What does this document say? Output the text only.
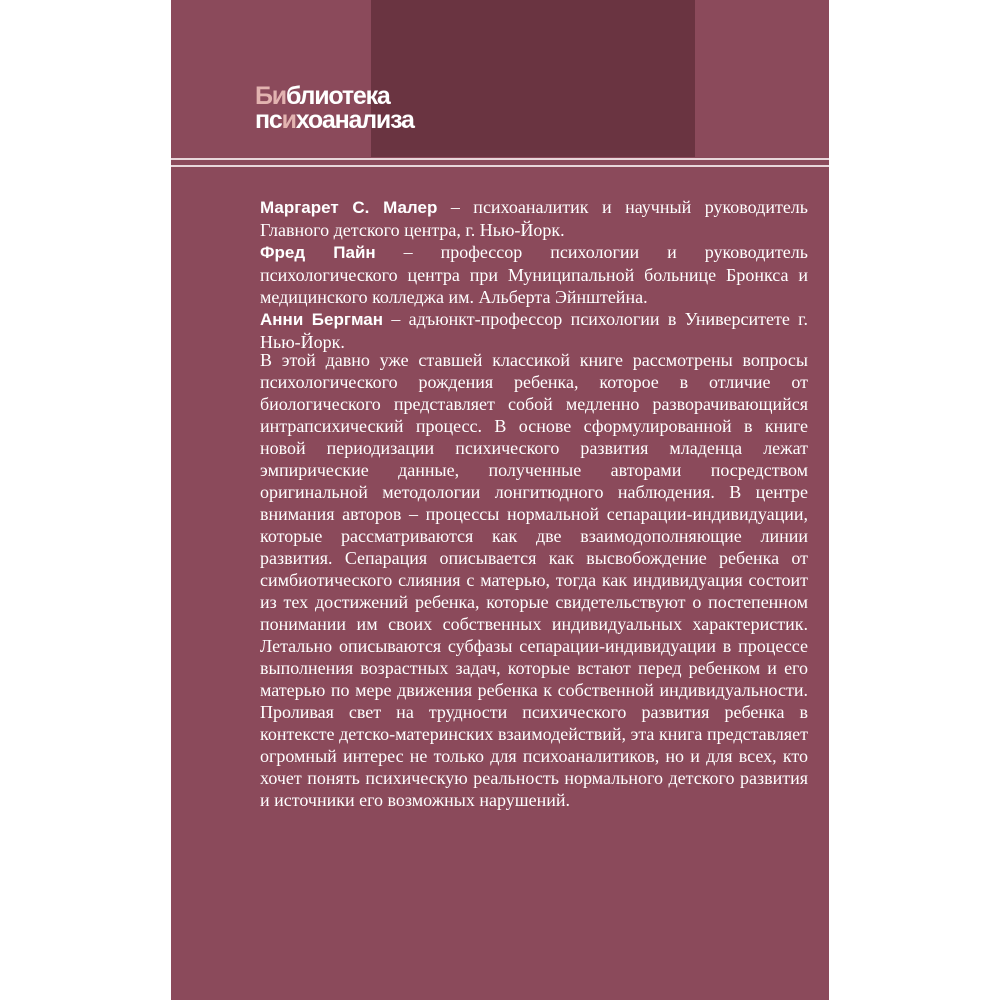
Библиотека
психоанализа

Маргарет С. Малер – психоаналитик и научный руководитель Главного детского центра, г. Нью-Йорк.

Фред Пайн – профессор психологии и руководитель психологического центра при Муниципальной больнице Бронкса и медицинского колледжа им. Альберта Эйнштейна.

Анни Бергман – адъюнкт-профессор психологии в Университете г. Нью-Йорк.

В этой давно уже ставшей классикой книге рассмотрены вопросы психологического рождения ребенка, которое в отличие от биологического представляет собой медленно разворачивающийся интрапсихический процесс. В основе сформулированной в книге новой периодизации психического развития младенца лежат эмпирические данные, полученные авторами посредством оригинальной методологии лонгитюдного наблюдения. В центре внимания авторов – процессы нормальной сепарации-индивидуации, которые рассматриваются как две взаимодополняющие линии развития. Сепарация описывается как высвобождение ребенка от симбиотического слияния с матерью, тогда как индивидуация состоит из тех достижений ребенка, которые свидетельствуют о постепенном понимании им своих собственных индивидуальных характеристик. Летально описываются субфазы сепарации-индивидуации в процессе выполнения возрастных задач, которые встают перед ребенком и его матерью по мере движения ребенка к собственной индивидуальности. Проливая свет на трудности психического развития ребенка в контексте детско-материнских взаимодействий, эта книга представляет огромный интерес не только для психоаналитиков, но и для всех, кто хочет понять психическую реальность нормального детского развития и источники его возможных нарушений.
